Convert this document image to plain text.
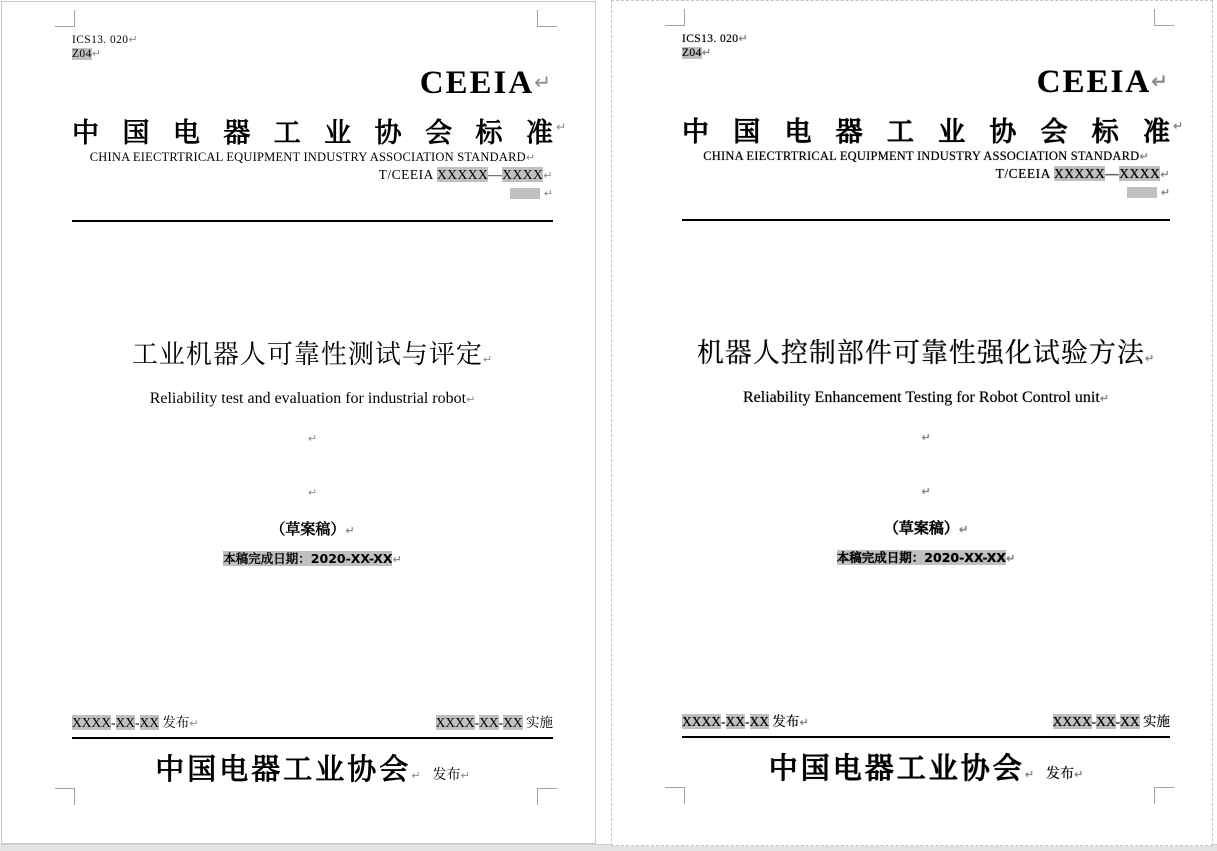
ICS13. 020↵
Z04↵
CEEIA↵
中 国 电 器 工 业 协 会 标 准 ↵
CHINA EIECTRTRICAL EQUIPMENT INDUSTRY ASSOCIATION STANDARD↵
T/CEEIA XXXXX—XXXX↵
↵
工业机器人可靠性测试与评定↵
Reliability test and evaluation for industrial robot↵
↵
↵
（草案稿）↵
本稿完成日期：2020-XX-XX↵
XXXX-XX-XX 发布↵	XXXX-XX-XX 实施
中国电器工业协会↵ 发布↵
ICS13. 020↵
Z04↵
CEEIA↵
中 国 电 器 工 业 协 会 标 准 ↵
CHINA EIECTRTRICAL EQUIPMENT INDUSTRY ASSOCIATION STANDARD↵
T/CEEIA XXXXX—XXXX↵
↵
机器人控制部件可靠性强化试验方法↵
Reliability Enhancement Testing for Robot Control unit↵
↵
↵
（草案稿）↵
本稿完成日期：2020-XX-XX↵
XXXX-XX-XX 发布↵	XXXX-XX-XX 实施
中国电器工业协会↵ 发布↵
